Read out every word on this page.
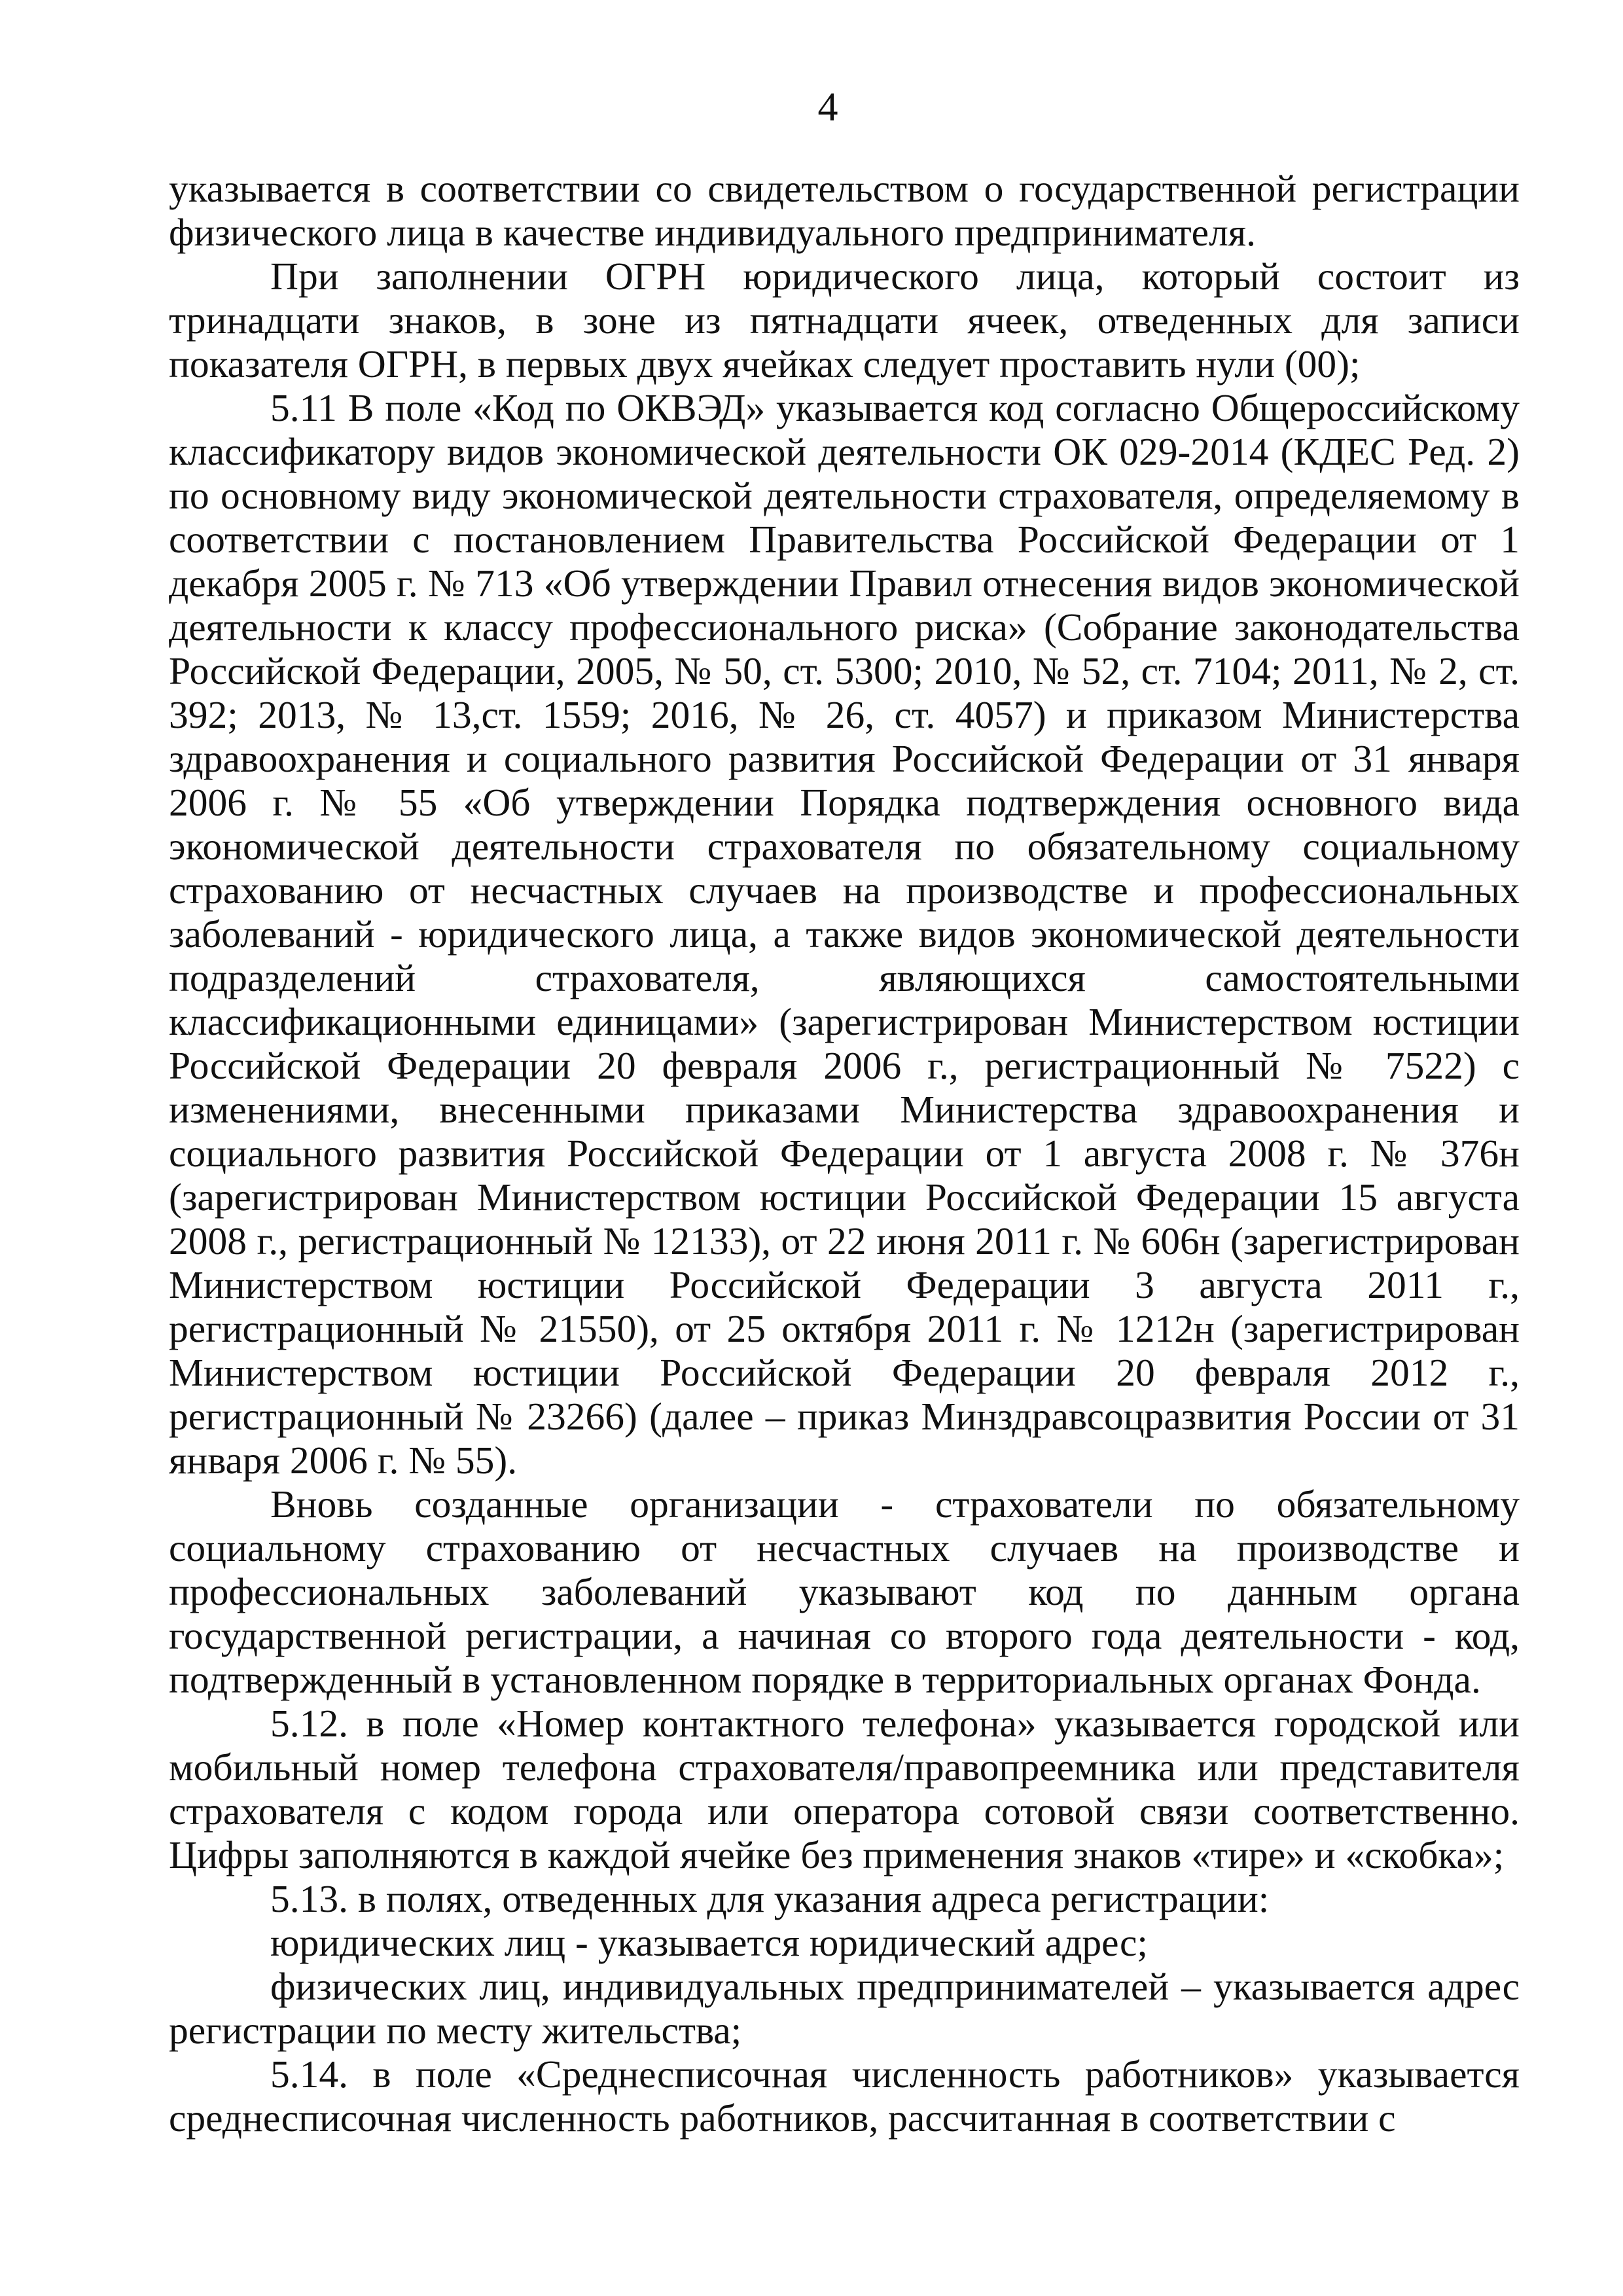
4

указывается в соответствии со свидетельством о государственной регистрации физического лица в качестве индивидуального предпринимателя.

При заполнении ОГРН юридического лица, который состоит из тринадцати знаков, в зоне из пятнадцати ячеек, отведенных для записи показателя ОГРН, в первых двух ячейках следует проставить нули (00);

5.11 В поле «Код по ОКВЭД» указывается код согласно Общероссийскому классификатору видов экономической деятельности ОК 029-2014 (КДЕС Ред. 2) по основному виду экономической деятельности страхователя, определяемому в соответствии с постановлением Правительства Российской Федерации от 1 декабря 2005 г. № 713 «Об утверждении Правил отнесения видов экономической деятельности к классу профессионального риска» (Собрание законодательства Российской Федерации, 2005, № 50, ст. 5300; 2010, № 52, ст. 7104; 2011, № 2, ст. 392; 2013, № 13,ст. 1559; 2016, № 26, ст. 4057) и приказом Министерства здравоохранения и социального развития Российской Федерации от 31 января 2006 г. № 55 «Об утверждении Порядка подтверждения основного вида экономической деятельности страхователя по обязательному социальному страхованию от несчастных случаев на производстве и профессиональных заболеваний - юридического лица, а также видов экономической деятельности подразделений страхователя, являющихся самостоятельными классификационными единицами» (зарегистрирован Министерством юстиции Российской Федерации 20 февраля 2006 г., регистрационный № 7522) с изменениями, внесенными приказами Министерства здравоохранения и социального развития Российской Федерации от 1 августа 2008 г. № 376н (зарегистрирован Министерством юстиции Российской Федерации 15 августа 2008 г., регистрационный № 12133), от 22 июня 2011 г. № 606н (зарегистрирован Министерством юстиции Российской Федерации 3 августа 2011 г., регистрационный № 21550), от 25 октября 2011 г. № 1212н (зарегистрирован Министерством юстиции Российской Федерации 20 февраля 2012 г., регистрационный № 23266) (далее – приказ Минздравсоцразвития России от 31 января 2006 г. № 55).

Вновь созданные организации - страхователи по обязательному социальному страхованию от несчастных случаев на производстве и профессиональных заболеваний указывают код по данным органа государственной регистрации, а начиная со второго года деятельности - код, подтвержденный в установленном порядке в территориальных органах Фонда.

5.12. в поле «Номер контактного телефона» указывается городской или мобильный номер телефона страхователя/правопреемника или представителя страхователя с кодом города или оператора сотовой связи соответственно. Цифры заполняются в каждой ячейке без применения знаков «тире» и «скобка»;

5.13. в полях, отведенных для указания адреса регистрации:

юридических лиц - указывается юридический адрес;

физических лиц, индивидуальных предпринимателей – указывается адрес регистрации по месту жительства;

5.14. в поле «Среднесписочная численность работников» указывается среднесписочная численность работников, рассчитанная в соответствии с
